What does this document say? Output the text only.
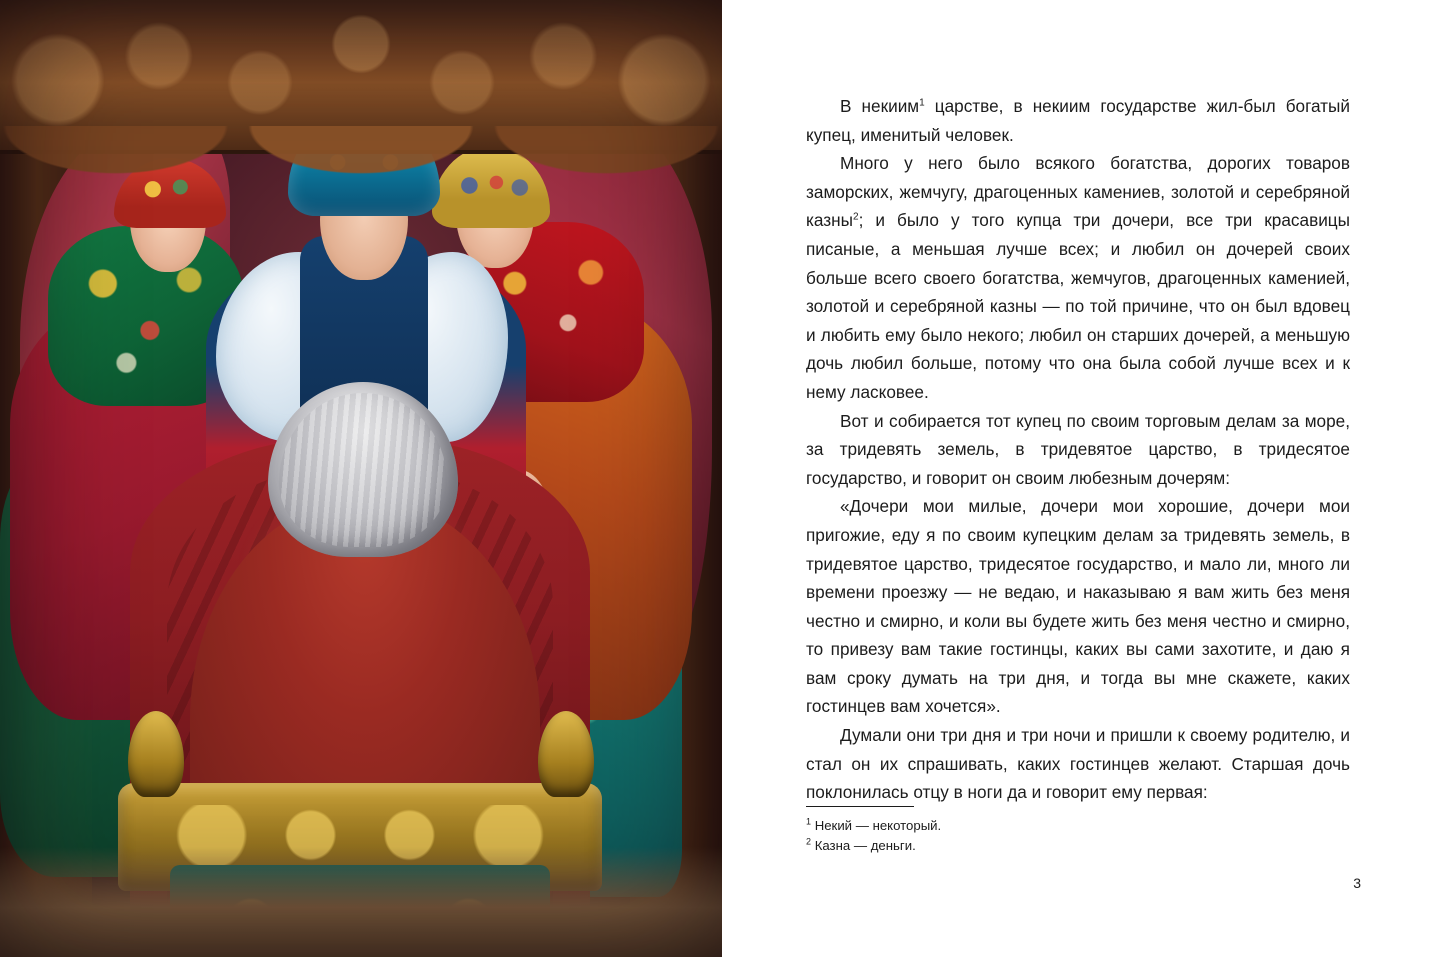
В некиим$^1$ царстве, в некиим государстве жил-был богатый купец, именитый человек.

Много у него было всякого богатства, дорогих товаров заморских, жемчугу, драгоценных камениев, золотой и серебряной казны$^2$; и было у того купца три дочери, все три красавицы писаные, а меньшая лучше всех; и любил он дочерей своих больше всего своего богатства, жемчугов, драгоценных каменией, золотой и серебряной казны — по той причине, что он был вдовец и любить ему было некого; любил он старших дочерей, а меньшую дочь любил больше, потому что она была собой лучше всех и к нему ласковее.

Вот и собирается тот купец по своим торговым делам за море, за тридевять земель, в тридевятое царство, в тридесятое государство, и говорит он своим любезным дочерям:

«Дочери мои милые, дочери мои хорошие, дочери мои пригожие, еду я по своим купецким делам за тридевять земель, в тридевятое царство, тридесятое государство, и мало ли, много ли времени проезжу — не ведаю, и наказываю я вам жить без меня честно и смирно, и коли вы будете жить без меня честно и смирно, то привезу вам такие гостинцы, каких вы сами захотите, и даю я вам сроку думать на три дня, и тогда вы мне скажете, каких гостинцев вам хочется».

Думали они три дня и три ночи и пришли к своему родителю, и стал он их спрашивать, каких гостинцев желают. Старшая дочь поклонилась отцу в ноги да и говорит ему первая:

$^1$ Некий — некоторый.
$^2$ Казна — деньги.
3
